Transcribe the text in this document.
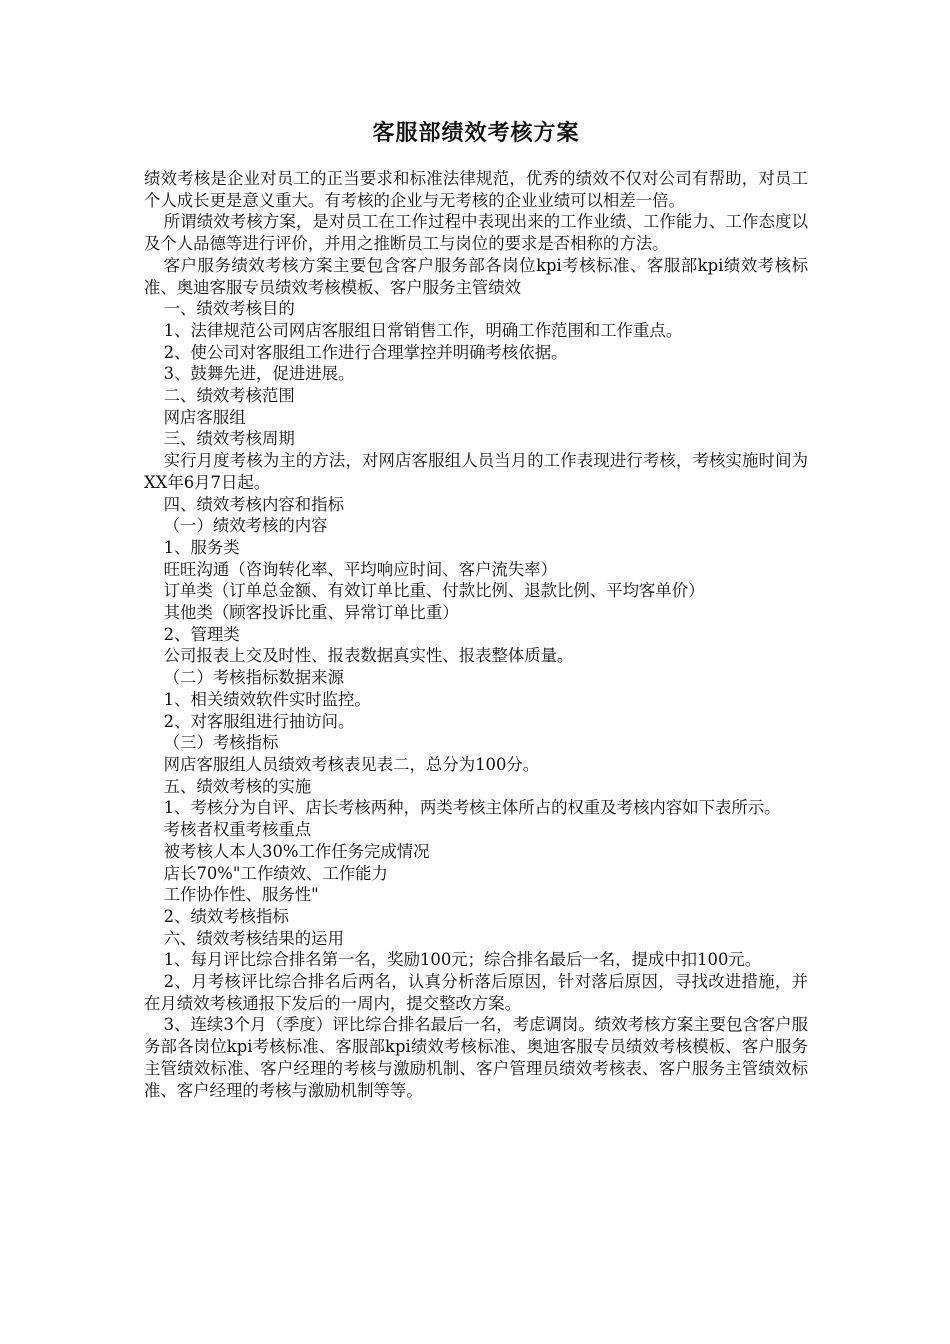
客服部绩效考核方案

绩效考核是企业对员工的正当要求和标准法律规范，优秀的绩效不仅对公司有帮助，对员工个人成长更是意义重大。有考核的企业与无考核的企业业绩可以相差一倍。

所谓绩效考核方案，是对员工在工作过程中表现出来的工作业绩、工作能力、工作态度以及个人品德等进行评价，并用之推断员工与岗位的要求是否相称的方法。

客户服务绩效考核方案主要包含客户服务部各岗位kpi考核标准、客服部kpi绩效考核标准、奥迪客服专员绩效考核模板、客户服务主管绩效

一、绩效考核目的

1、法律规范公司网店客服组日常销售工作，明确工作范围和工作重点。

2、使公司对客服组工作进行合理掌控并明确考核依据。

3、鼓舞先进，促进进展。

二、绩效考核范围

网店客服组

三、绩效考核周期

实行月度考核为主的方法，对网店客服组人员当月的工作表现进行考核，考核实施时间为XX年6月7日起。

四、绩效考核内容和指标

（一）绩效考核的内容

1、服务类

旺旺沟通（咨询转化率、平均响应时间、客户流失率）

订单类（订单总金额、有效订单比重、付款比例、退款比例、平均客单价）

其他类（顾客投诉比重、异常订单比重）

2、管理类

公司报表上交及时性、报表数据真实性、报表整体质量。

（二）考核指标数据来源

1、相关绩效软件实时监控。

2、对客服组进行抽访问。

（三）考核指标

网店客服组人员绩效考核表见表二，总分为100分。

五、绩效考核的实施

1、考核分为自评、店长考核两种，两类考核主体所占的权重及考核内容如下表所示。

考核者权重考核重点

被考核人本人30%工作任务完成情况

店长70%"工作绩效、工作能力

工作协作性、服务性"

2、绩效考核指标

六、绩效考核结果的运用

1、每月评比综合排名第一名，奖励100元；综合排名最后一名，提成中扣100元。

2、月考核评比综合排名后两名，认真分析落后原因，针对落后原因，寻找改进措施，并在月绩效考核通报下发后的一周内，提交整改方案。

3、连续3个月（季度）评比综合排名最后一名，考虑调岗。绩效考核方案主要包含客户服务部各岗位kpi考核标准、客服部kpi绩效考核标准、奥迪客服专员绩效考核模板、客户服务主管绩效标准、客户经理的考核与激励机制、客户管理员绩效考核表、客户服务主管绩效标准、客户经理的考核与激励机制等等。
